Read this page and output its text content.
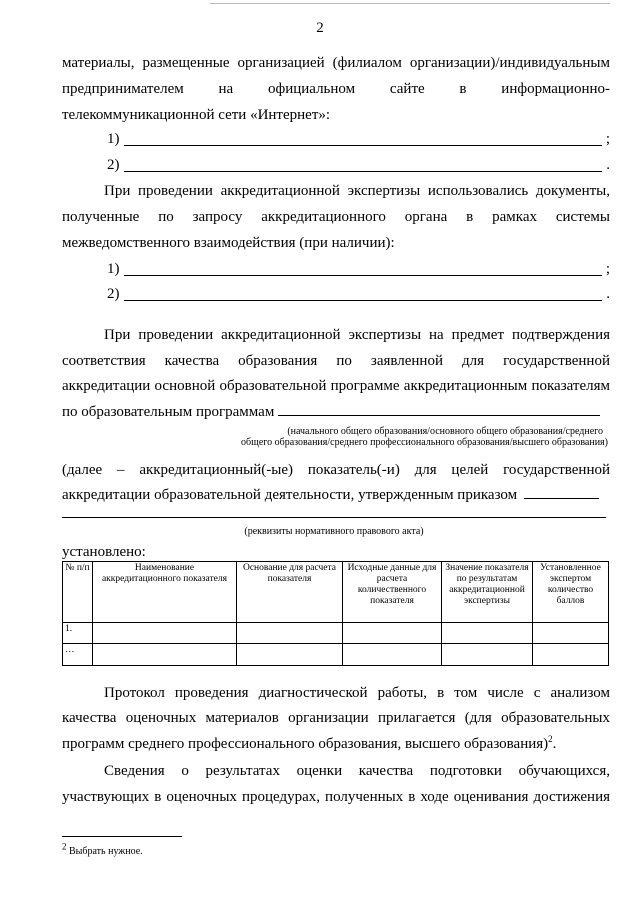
2
материалы, размещенные организацией (филиалом организации)/индивидуальным
предпринимателем на официальном сайте в информационно-
телекоммуникационной сети «Интернет»:
1)	;
2)	.
При проведении аккредитационной экспертизы использовались документы,
полученные по запросу аккредитационного органа в рамках системы
межведомственного взаимодействия (при наличии):
1)	;
2)	.
При проведении аккредитационной экспертизы на предмет подтверждения
соответствия качества образования по заявленной для государственной
аккредитации основной образовательной программе аккредитационным показателям
по образовательным программам
(начального общего образования/основного общего образования/среднего
общего образования/среднего профессионального образования/высшего образования)
(далее – аккредитационный(-ые) показатель(-и) для целей государственной
аккредитации образовательной деятельности, утвержденным приказом
(реквизиты нормативного правового акта)
установлено:
№ п/п	Наименование аккредитационного показателя	Основание для расчета показателя	Исходные данные для расчета количественного показателя	Значение показателя по результатам аккредитационной экспертизы	Установленное экспертом количество баллов
1.					
…					
Протокол проведения диагностической работы, в том числе с анализом
качества оценочных материалов организации прилагается (для образовательных
программ среднего профессионального образования, высшего образования)$^2$.
Сведения о результатах оценки качества подготовки обучающихся,
участвующих в оценочных процедурах, полученных в ходе оценивания достижения
$^2$ Выбрать нужное.
